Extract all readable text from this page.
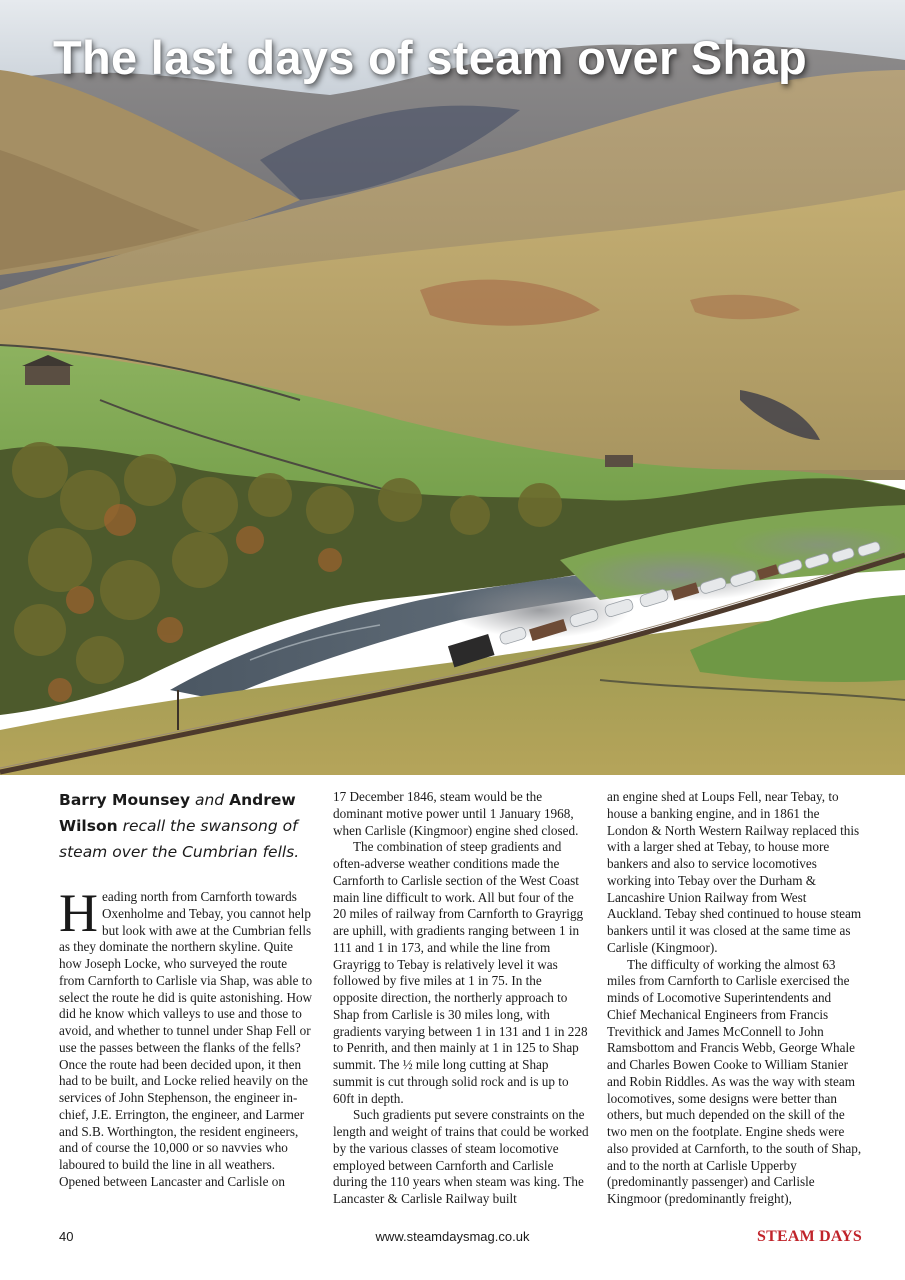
The last days of steam over Shap
Barry Mounsey and Andrew Wilson recall the swansong of steam over the Cumbrian fells.

Heading north from Carnforth towards Oxenholme and Tebay, you cannot help but look with awe at the Cumbrian fells as they dominate the northern skyline. Quite how Joseph Locke, who surveyed the route from Carnforth to Carlisle via Shap, was able to select the route he did is quite astonishing. How did he know which valleys to use and those to avoid, and whether to tunnel under Shap Fell or use the passes between the flanks of the fells? Once the route had been decided upon, it then had to be built, and Locke relied heavily on the services of John Stephenson, the engineer in-chief, J.E. Errington, the engineer, and Larmer and S.B. Worthington, the resident engineers, and of course the 10,000 or so navvies who laboured to build the line in all weathers. Opened between Lancaster and Carlisle on

17 December 1846, steam would be the dominant motive power until 1 January 1968, when Carlisle (Kingmoor) engine shed closed.

The combination of steep gradients and often-adverse weather conditions made the Carnforth to Carlisle section of the West Coast main line difficult to work. All but four of the 20 miles of railway from Carnforth to Grayrigg are uphill, with gradients ranging between 1 in 111 and 1 in 173, and while the line from Grayrigg to Tebay is relatively level it was followed by five miles at 1 in 75. In the opposite direction, the northerly approach to Shap from Carlisle is 30 miles long, with gradients varying between 1 in 131 and 1 in 228 to Penrith, and then mainly at 1 in 125 to Shap summit. The ½ mile long cutting at Shap summit is cut through solid rock and is up to 60ft in depth.

Such gradients put severe constraints on the length and weight of trains that could be worked by the various classes of steam locomotive employed between Carnforth and Carlisle during the 110 years when steam was king. The Lancaster & Carlisle Railway built

an engine shed at Loups Fell, near Tebay, to house a banking engine, and in 1861 the London & North Western Railway replaced this with a larger shed at Tebay, to house more bankers and also to service locomotives working into Tebay over the Durham & Lancashire Union Railway from West Auckland. Tebay shed continued to house steam bankers until it was closed at the same time as Carlisle (Kingmoor).

The difficulty of working the almost 63 miles from Carnforth to Carlisle exercised the minds of Locomotive Superintendents and Chief Mechanical Engineers from Francis Trevithick and James McConnell to John Ramsbottom and Francis Webb, George Whale and Charles Bowen Cooke to William Stanier and Robin Riddles. As was the way with steam locomotives, some designs were better than others, but much depended on the skill of the two men on the footplate. Engine sheds were also provided at Carnforth, to the south of Shap, and to the north at Carlisle Upperby (predominantly passenger) and Carlisle Kingmoor (predominantly freight),

www.steamdaysmag.co.uk
40	STEAM DAYS
